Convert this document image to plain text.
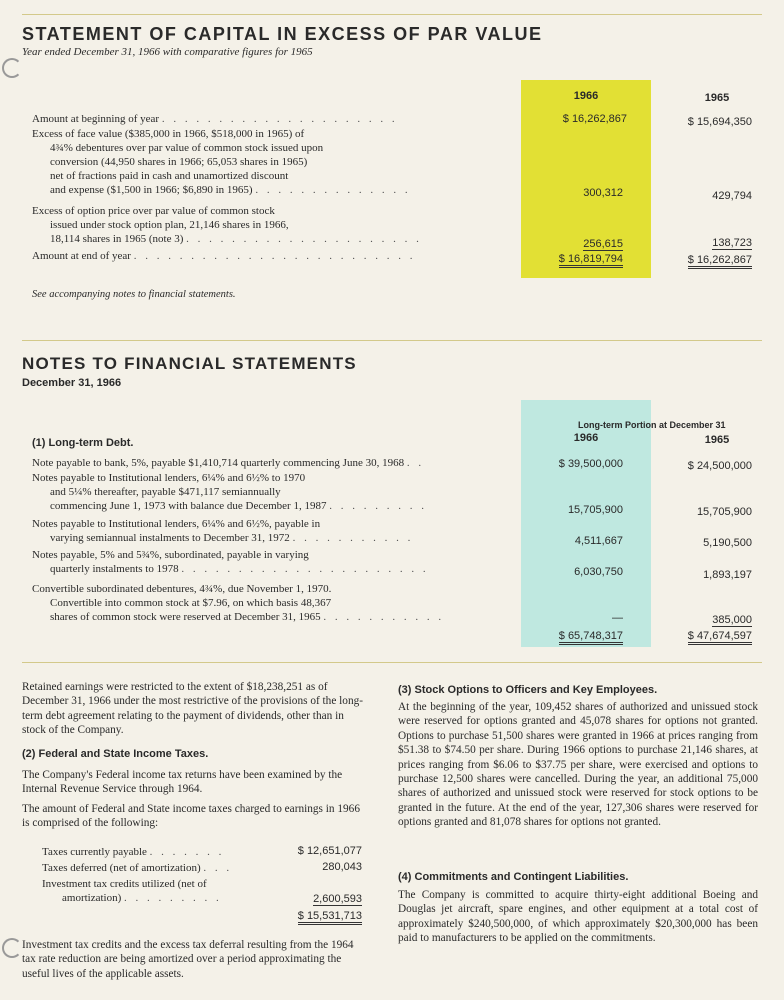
STATEMENT OF CAPITAL IN EXCESS OF PAR VALUE
Year ended December 31, 1966 with comparative figures for 1965
1966	1965
Amount at beginning of year . . . . . . . . . . . . . . . . . . . . .	$ 16,262,867	$ 15,694,350
Excess of face value ($385,000 in 1966, $518,000 in 1965) of
4¾% debentures over par value of common stock issued upon
conversion (44,950 shares in 1966; 65,053 shares in 1965)
net of fractions paid in cash and unamortized discount
and expense ($1,500 in 1966; $6,890 in 1965) . . . . . . . . . . . . . .	300,312	429,794
Excess of option price over par value of common stock
issued under stock option plan, 21,146 shares in 1966,
18,114 shares in 1965 (note 3) . . . . . . . . . . . . . . . . . . . . .	256,615	138,723
Amount at end of year . . . . . . . . . . . . . . . . . . . . . . . . .	$ 16,819,794	$ 16,262,867
See accompanying notes to financial statements.
NOTES TO FINANCIAL STATEMENTS
December 31, 1966
Long-term Portion at December 31
1966	1965
(1) Long-term Debt.
Note payable to bank, 5%, payable $1,410,714 quarterly commencing June 30, 1968 . .	$ 39,500,000	$ 24,500,000
Notes payable to Institutional lenders, 6¼% and 6½% to 1970
and 5¼% thereafter, payable $471,117 semiannually
commencing June 1, 1973 with balance due December 1, 1987 . . . . . . . . .	15,705,900	15,705,900
Notes payable to Institutional lenders, 6¼% and 6½%, payable in
varying semiannual instalments to December 31, 1972 . . . . . . . . . . .	4,511,667	5,190,500
Notes payable, 5% and 5¾%, subordinated, payable in varying
quarterly instalments to 1978 . . . . . . . . . . . . . . . . . . . . . .	6,030,750	1,893,197
Convertible subordinated debentures, 4¾%, due November 1, 1970.
Convertible into common stock at $7.96, on which basis 48,367
shares of common stock were reserved at December 31, 1965 . . . . . . . . . . .	—	385,000
$ 65,748,317	$ 47,674,597
Retained earnings were restricted to the extent of $18,238,251 as of December 31, 1966 under the most restrictive of the provisions of the long-term debt agreement relating to the payment of dividends, other than in stock of the Company.
(2) Federal and State Income Taxes.
The Company's Federal income tax returns have been examined by the Internal Revenue Service through 1964.
The amount of Federal and State income taxes charged to earnings in 1966 is comprised of the following:
Taxes currently payable . . . . . . .	$ 12,651,077
Taxes deferred (net of amortization) . . .	280,043
Investment tax credits utilized (net of
amortization) . . . . . . . . .	2,600,593
$ 15,531,713
Investment tax credits and the excess tax deferral resulting from the 1964 tax rate reduction are being amortized over a period approximating the useful lives of the applicable assets.
(3) Stock Options to Officers and Key Employees.
At the beginning of the year, 109,452 shares of authorized and unissued stock were reserved for options granted and 45,078 shares for options not granted. Options to purchase 51,500 shares were granted in 1966 at prices ranging from $51.38 to $74.50 per share. During 1966 options to purchase 21,146 shares, at prices ranging from $6.06 to $37.75 per share, were exercised and options to purchase 12,500 shares were cancelled. During the year, an additional 75,000 shares of authorized and unissued stock were reserved for stock options to be granted in the future. At the end of the year, 127,306 shares were reserved for options granted and 81,078 shares for options not granted.
(4) Commitments and Contingent Liabilities.
The Company is committed to acquire thirty-eight additional Boeing and Douglas jet aircraft, spare engines, and other equipment at a total cost of approximately $240,500,000, of which approximately $20,300,000 has been paid to manufacturers to be applied on the commitments.
